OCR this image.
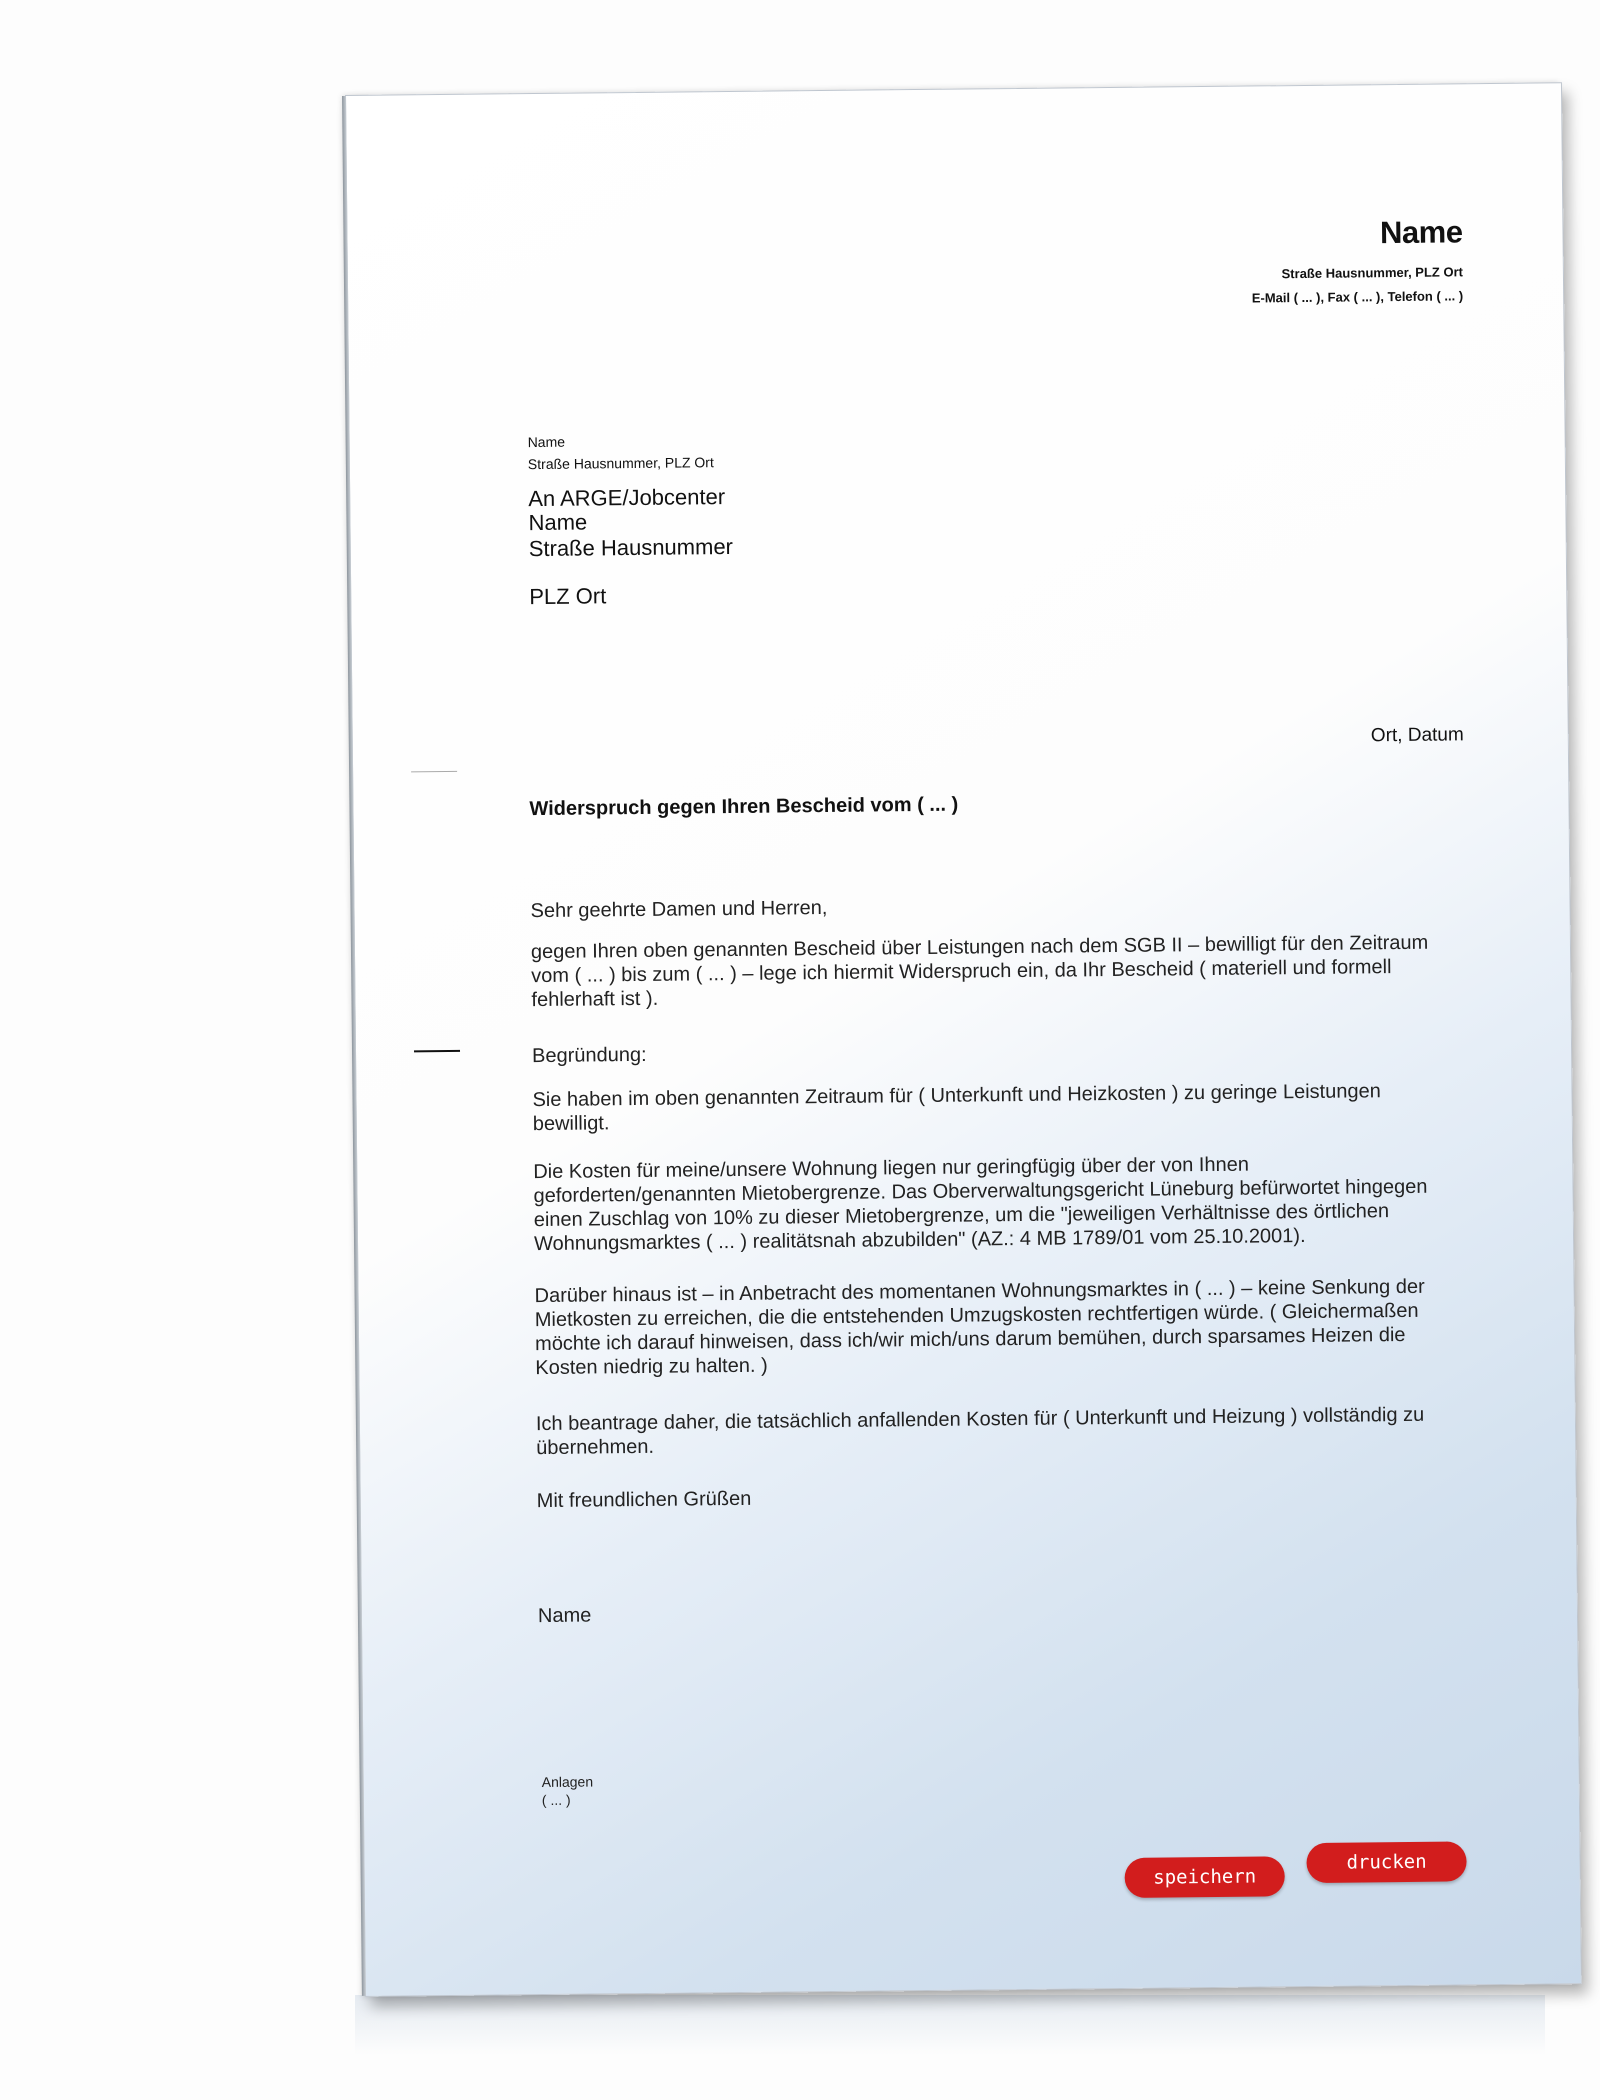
Name
Straße Hausnummer, PLZ Ort
E-Mail ( ... ), Fax ( ... ), Telefon ( ... )
Name
Straße Hausnummer, PLZ Ort
An ARGE/Jobcenter
Name
Straße Hausnummer
PLZ Ort
Ort, Datum
Widerspruch gegen Ihren Bescheid vom ( ... )
Sehr geehrte Damen und Herren,
gegen Ihren oben genannten Bescheid über Leistungen nach dem SGB II – bewilligt für den Zeitraum vom ( ... ) bis zum ( ... ) – lege ich hiermit Widerspruch ein, da Ihr Bescheid ( materiell und formell fehlerhaft ist ).
Begründung:
Sie haben im oben genannten Zeitraum für ( Unterkunft und Heizkosten ) zu geringe Leistungen bewilligt.
Die Kosten für meine/unsere Wohnung liegen nur geringfügig über der von Ihnen geforderten/genannten Mietobergrenze. Das Oberverwaltungsgericht Lüneburg befürwortet hingegen einen Zuschlag von 10% zu dieser Mietobergrenze, um die "jeweiligen Verhältnisse des örtlichen Wohnungsmarktes ( ... ) realitätsnah abzubilden" (AZ.: 4 MB 1789/01 vom 25.10.2001).
Darüber hinaus ist – in Anbetracht des momentanen Wohnungsmarktes in ( ... ) – keine Senkung der Mietkosten zu erreichen, die die entstehenden Umzugskosten rechtfertigen würde. ( Gleichermaßen möchte ich darauf hinweisen, dass ich/wir mich/uns darum bemühen, durch sparsames Heizen die Kosten niedrig zu halten. )
Ich beantrage daher, die tatsächlich anfallenden Kosten für ( Unterkunft und Heizung ) vollständig zu übernehmen.
Mit freundlichen Grüßen
Name
Anlagen
( ... )
speichern
drucken
